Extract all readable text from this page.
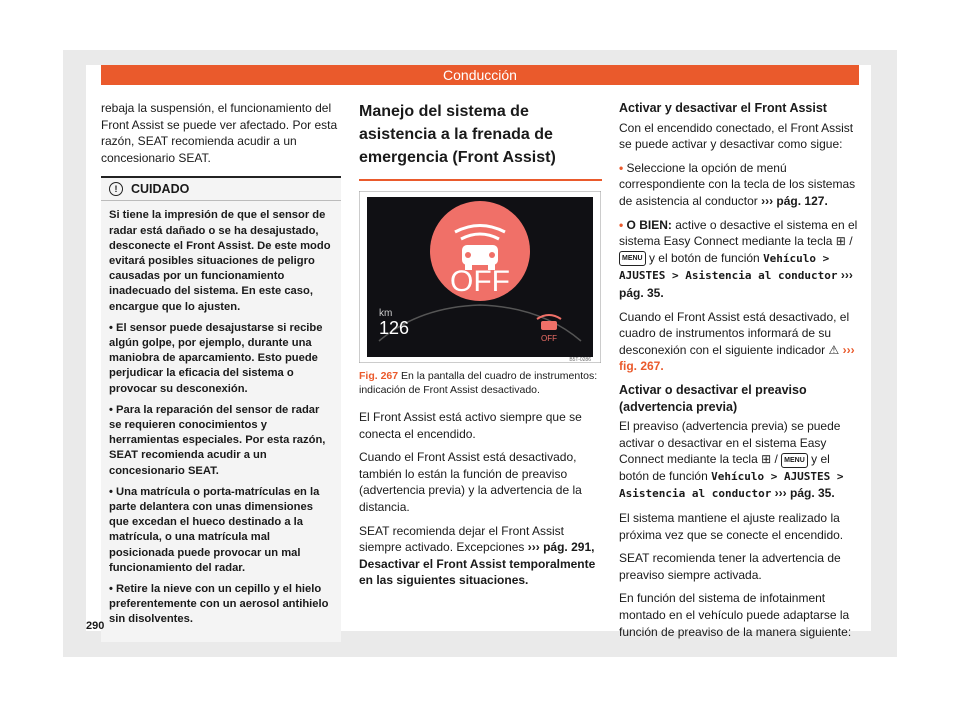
Conducción

rebaja la suspensión, el funcionamiento del Front Assist se puede ver afectado. Por esta razón, SEAT recomienda acudir a un concesionario SEAT.

!	CUIDADO

Si tiene la impresión de que el sensor de radar está dañado o se ha desajustado, desconecte el Front Assist. De este modo evitará posibles situaciones de peligro causadas por un funcionamiento inadecuado del sistema. En este caso, encargue que lo ajusten.

• El sensor puede desajustarse si recibe algún golpe, por ejemplo, durante una maniobra de aparcamiento. Esto puede perjudicar la eficacia del sistema o provocar su desconexión.

• Para la reparación del sensor de radar se requieren conocimientos y herramientas especiales. Por esta razón, SEAT recomienda acudir a un concesionario SEAT.

• Una matrícula o porta-matrículas en la parte delantera con unas dimensiones que excedan el hueco destinado a la matrícula, o una matrícula mal posicionada puede provocar un mal funcionamiento del radar.

• Retire la nieve con un cepillo y el hielo preferentemente con un aerosol antihielo sin disolventes.

Manejo del sistema de asistencia a la frenada de emergencia (Front Assist)
OFF
km
126
OFF
B5T-0286
Fig. 267 En la pantalla del cuadro de instrumentos: indicación de Front Assist desactivado.

El Front Assist está activo siempre que se conecta el encendido.

Cuando el Front Assist está desactivado, también lo están la función de preaviso (advertencia previa) y la advertencia de la distancia.

SEAT recomienda dejar el Front Assist siempre activado. Excepciones ››› pág. 291, Desactivar el Front Assist temporalmente en las siguientes situaciones.

Activar y desactivar el Front Assist

Con el encendido conectado, el Front Assist se puede activar y desactivar como sigue:

• Seleccione la opción de menú correspondiente con la tecla de los sistemas de asistencia al conductor ››› pág. 127.

• O BIEN: active o desactive el sistema en el sistema Easy Connect mediante la tecla ⊞ / MENU y el botón de función Vehículo > AJUSTES > Asistencia al conductor ››› pág. 35.

Cuando el Front Assist está desactivado, el cuadro de instrumentos informará de su desconexión con el siguiente indicador ⚠ ››› fig. 267.

Activar o desactivar el preaviso (advertencia previa)

El preaviso (advertencia previa) se puede activar o desactivar en el sistema Easy Connect mediante la tecla ⊞ / MENU y el botón de función Vehículo > AJUSTES > Asistencia al conductor ››› pág. 35.

El sistema mantiene el ajuste realizado la próxima vez que se conecte el encendido.

SEAT recomienda tener la advertencia de preaviso siempre activada.

En función del sistema de infotainment montado en el vehículo puede adaptarse la función de preaviso de la manera siguiente:

290
